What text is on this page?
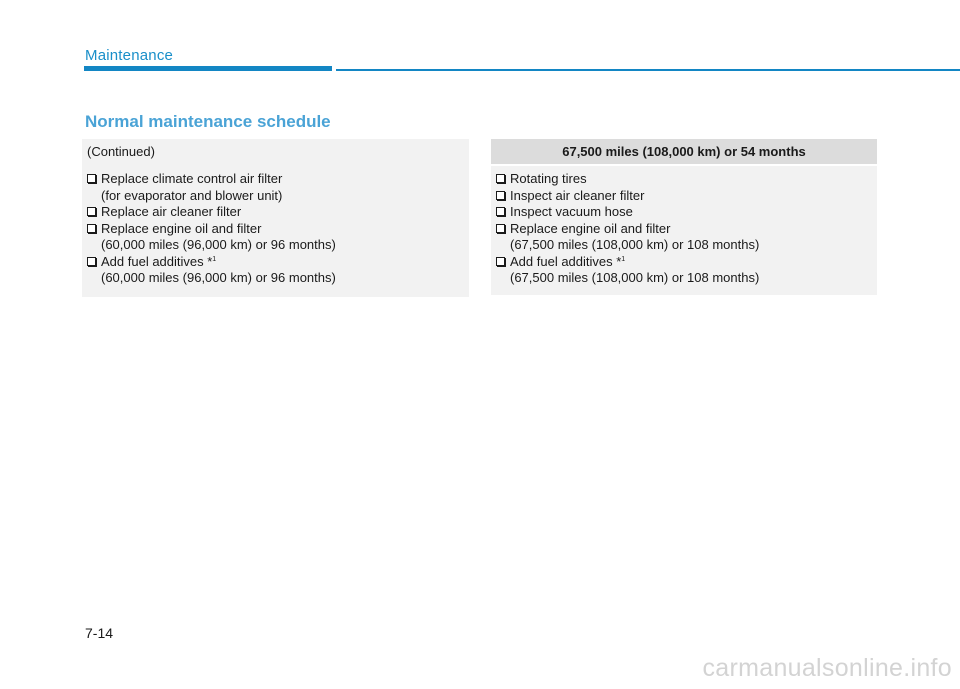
Maintenance
Normal maintenance schedule
(Continued)
Replace climate control air filter
(for evaporator and blower unit)
Replace air cleaner filter
Replace engine oil and filter
(60,000 miles (96,000 km) or 96 months)
Add fuel additives *$^1$
(60,000 miles (96,000 km) or 96 months)
67,500 miles (108,000 km) or 54 months
Rotating tires
Inspect air cleaner filter
Inspect vacuum hose
Replace engine oil and filter
(67,500 miles (108,000 km) or 108 months)
Add fuel additives *$^1$
(67,500 miles (108,000 km) or 108 months)
7-14
carmanualsonline.info
